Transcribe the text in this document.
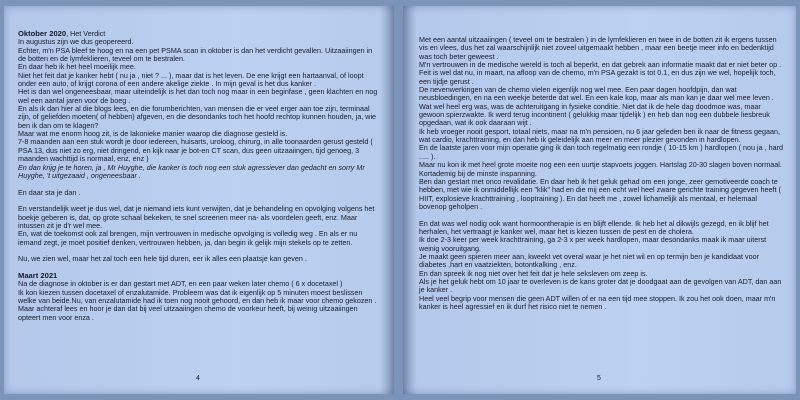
Oktober 2020, Het Verdict

In augustus zijn we dus geopereerd.

Echter, m'n PSA bleef te hoog en na een pet PSMA scan in oktober is dan het verdicht gevallen. Uitzaaiingen in de botten en de lymfeklieren, teveel om te bestralen.

En daar heb ik het heel moeilijk mee.

Niet het feit dat je kanker hebt ( nu ja , niet ? ... ), maar dat is het leven. De ene krijgt een hartaanval, of loopt onder een auto, of krijgt corona of een andere akelige ziekte . In mijn geval is het dus kanker .

Het is dan wel ongeneesbaar, maar uiteindelijk is het dan toch nog maar in een beginfase , geen klachten en nog wel een aantal jaren voor de boeg .

En als ik dan hier al die blogs lees, en die forumberichten, van mensen die er veel erger aan toe zijn, terminaal zijn, of geliefden moeten( of hebben) afgeven, en die desondanks toch het hoofd rechtop kunnen houden, ja, wie ben ik dan om te klagen?

Maar wat me enorm hoog zit, is de lakonieke manier waarop die diagnose gesteld is.

7-8 maanden aan een stuk wordt je door iedereen, huisarts, uroloog, chirurg, in alle toonaarden gerust gesteld ( PSA 13, dus niet zo erg, niet dringend, en kijk naar je bot-en CT scan, dus geen uitzaaiingen, tijd genoeg, 3 maanden wachttijd is normaal, enz, enz )

En dan krijg je te horen, ja , Mr Huyghe, die kanker is toch nog een stuk agressiever dan gedacht en sorry Mr Huyghe, 't uitgezaaid , ongeneesbaar .

En daar sta je dan .

En verstandelijk weet je dus wel, dat je niemand iets kunt verwijten, dat je behandeling en opvolging volgens het boekje geberen is, dat, op grote schaal bekeken, te snel screenen meer na- als voordelen geeft, enz. Maar intussen zit je d'r wel mee.

En, wat de toekomst ook zal brengen, mijn vertrouwen in medische opvolging is volledig weg . En als er nu iemand zegt, je moet positief denken, vertrouwen hebben, ja, dan begin ik gelijk mijn stekels op te zetten.

Nu, we zien wel, maar het zal toch een hele tijd duren, eer ik alles een plaatsje kan geven .

Maart 2021

Na de diagnose in oktober is er dan gestart met ADT, en een paar weken later chemo ( 6 x docetaxel )

Ik kon kiezen tussen docetaxel of enzalutamide. Probleem was dat ik eigenlijk op 5 minuten moest beslissen welke van beide.Nu, van enzalutamide had ik toen nog nooit gehoord, en dan heb ik maar voor chemo gekozen .

Maar achteraf lees en hoor je dan dat bij veel uitzaaiingen chemo de voorkeur heeft, bij weinig uitzaaiingen opteert men voor enza .

4

Met een aantal uitzaaiingen ( teveel om te bestralen ) in de lymfeklieren en twee in de botten zit ik ergens tussen vis en vlees, dus het zal waarschijnlijk niet zoveel uitgemaakt hebben , maar een beetje meer info en bedenktijd was toch beter geweest .

M'n vertrouwen in de medische wereld is toch al beperkt, en dat gebrek aan informatie maakt dat er niet beter op .

Feit is wel dat nu, in maart, na afloop van de chemo, m'n PSA gezakt is tot 0.1, en dus zijn we wel, hopelijk toch, een tijdje gerust .

De nevenwerkingen van de chemo vielen eigenlijk nog wel mee. Een paar dagen hoofdpijn, dan wat neusbloedingen, en na een weekje beterde dat wel. En een kale kop, maar als man kan je daar wel mee leven .

Wat wel heel erg was, was de achteruitgang in fysieke conditie. Niet dat ik de hele dag doodmoe was, maar gewoon spierzwakte. Ik werd terug incontinent ( gelukkig maar tijdelijk ) en heb dan nog een dubbele liesbreuk opgedaan, wat ik ook daaraan wijt .

Ik heb vroeger nooit gesport, totaal niets, maar na m'n pensioen, nu 6 jaar geleden ben ik naar de fitness gegaan, wat cardio, krachttraining, en dan heb ik geleidelijk aan meer en meer plezier gevonden in hardlopen.

En de laatste jaren voor mijn operatie ging ik dan toch regelmatig een rondje ( 10-15 km ) hardlopen ( nou ja , hard ..... ).

Maar nu kon ik met heel grote moeite nog een een uurtje stapvoets joggen. Hartslag 20-30 slagen boven normaal. Kortademig bij de minste inspanning.

Ben dan gestart met onco revalidatie. En daar heb ik het geluk gehad om een jonge, zeer gemotiveerde coach te hebben, met wie ik onmiddellijk een "klik" had en die mij een echt wel heel zware gerichte training gegeven heeft ( HIIT, explosieve krachttraining , looptraining ). En dat heeft me , zowel lichamelijk als mentaal, er helemaal bovenop geholpen .

En dat was wel nodig ook want hormoontherapie is en blijft ellende. Ik heb het al dikwijls gezegd, en ik blijf het herhalen, het vertraagt je kanker wel, maar het is kiezen tussen de pest en de cholera.

Ik doe 2-3 keer per week krachttraining, ga 2-3 x per week hardlopen, maar desondanks maak ik maar uiterst weinig vooruitgang.

Je maakt geen spieren meer aan, kweekt vet overal waar je het niet wil en op termijn ben je kandidaat voor diabetes ,hart en vaatziekten, botontkalking , enz.

En dan spreek ik nog niet over het feit dat je hele seksleven om zeep is.

Als je het geluk hebt om 10 jaar te overleven is de kans groter dat je doodgaat aan de gevolgen van ADT, dan aan je kanker .

Heel veel begrip voor mensen die geen ADT willen of er na een tijd mee stoppen. Ik zou het ook doen, maar m'n kanker is heel agressief en ik durf het risico niet te nemen .

5
